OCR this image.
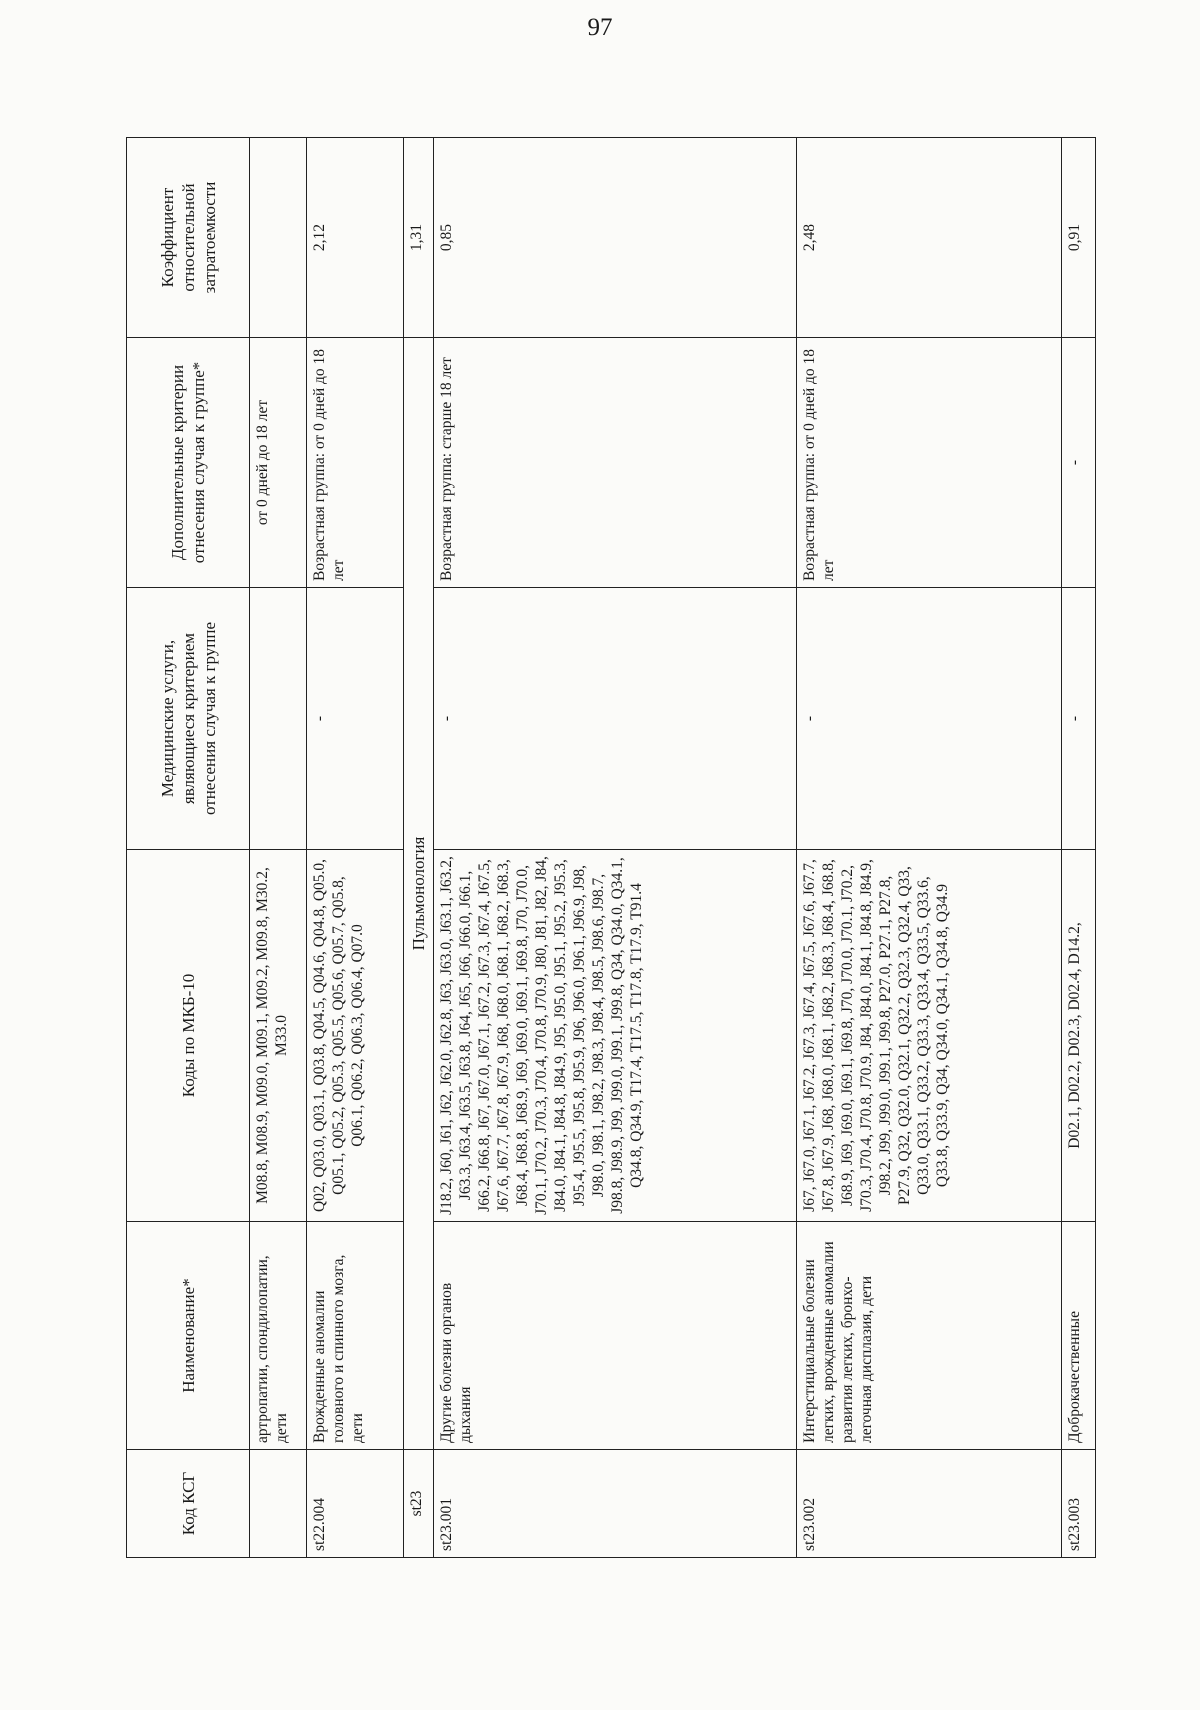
97
Код КСГ	Наименование*	Коды по МКБ-10	Медицинские услуги, являющиеся критерием отнесения случая к группе	Дополнительные критерии отнесения случая к группе*	Коэффициент относительной затратоемкости
	артропатии, спондилопатии, дети	M08.8, M08.9, M09.0, M09.1, M09.2, M09.8, M30.2, M33.0		от 0 дней до 18 лет	
st22.004	Врожденные аномалии головного и спинного мозга, дети	Q02, Q03.0, Q03.1, Q03.8, Q04.5, Q04.6, Q04.8, Q05.0, Q05.1, Q05.2, Q05.3, Q05.5, Q05.6, Q05.7, Q05.8, Q06.1, Q06.2, Q06.3, Q06.4, Q07.0	-	Возрастная группа: от 0 дней до 18 лет	2,12
st23	Пульмонология				1,31
st23.001	Другие болезни органов дыхания	J18.2, J60, J61, J62, J62.0, J62.8, J63, J63.0, J63.1, J63.2, J63.3, J63.4, J63.5, J63.8, J64, J65, J66, J66.0, J66.1, J66.2, J66.8, J67, J67.0, J67.1, J67.2, J67.3, J67.4, J67.5, J67.6, J67.7, J67.8, J67.9, J68, J68.0, J68.1, J68.2, J68.3, J68.4, J68.8, J68.9, J69, J69.0, J69.1, J69.8, J70, J70.0, J70.1, J70.2, J70.3, J70.4, J70.8, J70.9, J80, J81, J82, J84, J84.0, J84.1, J84.8, J84.9, J95, J95.0, J95.1, J95.2, J95.3, J95.4, J95.5, J95.8, J95.9, J96, J96.0, J96.1, J96.9, J98, J98.0, J98.1, J98.2, J98.3, J98.4, J98.5, J98.6, J98.7, J98.8, J98.9, J99, J99.0, J99.1, J99.8, Q34, Q34.0, Q34.1, Q34.8, Q34.9, T17.4, T17.5, T17.8, T17.9, T91.4	-	Возрастная группа: старше 18 лет	0,85
st23.002	Интерстициальные болезни легких, врожденные аномалии развития легких, бронхо-легочная дисплазия, дети	J67, J67.0, J67.1, J67.2, J67.3, J67.4, J67.5, J67.6, J67.7, J67.8, J67.9, J68, J68.0, J68.1, J68.2, J68.3, J68.4, J68.8, J68.9, J69, J69.0, J69.1, J69.8, J70, J70.0, J70.1, J70.2, J70.3, J70.4, J70.8, J70.9, J84, J84.0, J84.1, J84.8, J84.9, J98.2, J99, J99.0, J99.1, J99.8, P27.0, P27.1, P27.8, P27.9, Q32, Q32.0, Q32.1, Q32.2, Q32.3, Q32.4, Q33, Q33.0, Q33.1, Q33.2, Q33.3, Q33.4, Q33.5, Q33.6, Q33.8, Q33.9, Q34, Q34.0, Q34.1, Q34.8, Q34.9	-	Возрастная группа: от 0 дней до 18 лет	2,48
st23.003	Доброкачественные	D02.1, D02.2, D02.3, D02.4, D14.2,	-	-	0,91
